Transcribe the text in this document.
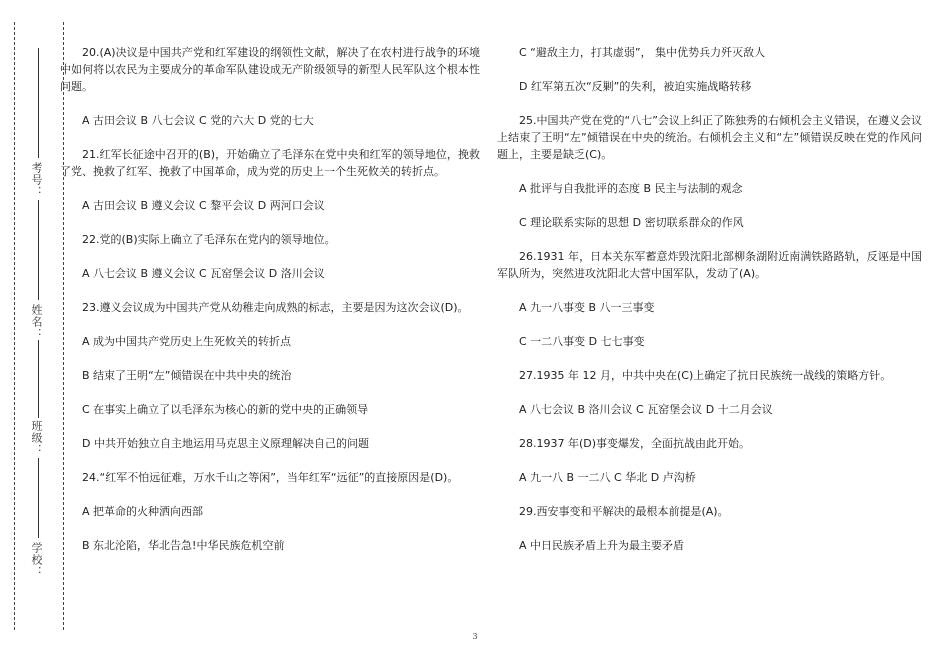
考号：
姓名：
班级：
学校：
20.(A)决议是中国共产党和红军建设的纲领性文献，解决了在农村进行战争的环境中如何将以农民为主要成分的革命军队建设成无产阶级领导的新型人民军队这个根本性问题。
A 古田会议 B 八七会议 C 党的六大 D 党的七大
21.红军长征途中召开的(B)，开始确立了毛泽东在党中央和红军的领导地位，挽救了党、挽救了红军、挽救了中国革命，成为党的历史上一个生死攸关的转折点。
A 古田会议 B 遵义会议 C 黎平会议 D 两河口会议
22.党的(B)实际上确立了毛泽东在党内的领导地位。
A 八七会议 B 遵义会议 C 瓦窑堡会议 D 洛川会议
23.遵义会议成为中国共产党从幼稚走向成熟的标志，主要是因为这次会议(D)。
A 成为中国共产党历史上生死攸关的转折点
B 结束了王明“左”倾错误在中共中央的统治
C 在事实上确立了以毛泽东为核心的新的党中央的正确领导
D 中共开始独立自主地运用马克思主义原理解决自己的问题
24.“红军不怕远征难，万水千山之等闲”，当年红军“远征”的直接原因是(D)。
A 把革命的火种洒向西部
B 东北沦陷，华北告急!中华民族危机空前
C “避敌主力，打其虚弱”， 集中优势兵力歼灭敌人
D 红军第五次“反剿”的失利，被迫实施战略转移
25.中国共产党在党的“八七”会议上纠正了陈独秀的右倾机会主义错误，在遵义会议上结束了王明“左”倾错误在中央的统治。右倾机会主义和“左”倾错误反映在党的作风问题上，主要是缺乏(C)。
A 批评与自我批评的态度 B 民主与法制的观念
C 理论联系实际的思想 D 密切联系群众的作风
26.1931 年，日本关东军蓄意炸毁沈阳北部柳条湖附近南满铁路路轨，反诬是中国军队所为，突然进攻沈阳北大营中国军队，发动了(A)。
A 九一八事变 B 八一三事变
C 一二八事变 D 七七事变
27.1935 年 12 月，中共中央在(C)上确定了抗日民族统一战线的策略方针。
A 八七会议 B 洛川会议 C 瓦窑堡会议 D 十二月会议
28.1937 年(D)事变爆发，全面抗战由此开始。
A 九一八 B 一二八 C 华北 D 卢沟桥
29.西安事变和平解决的最根本前提是(A)。
A 中日民族矛盾上升为最主要矛盾
3
